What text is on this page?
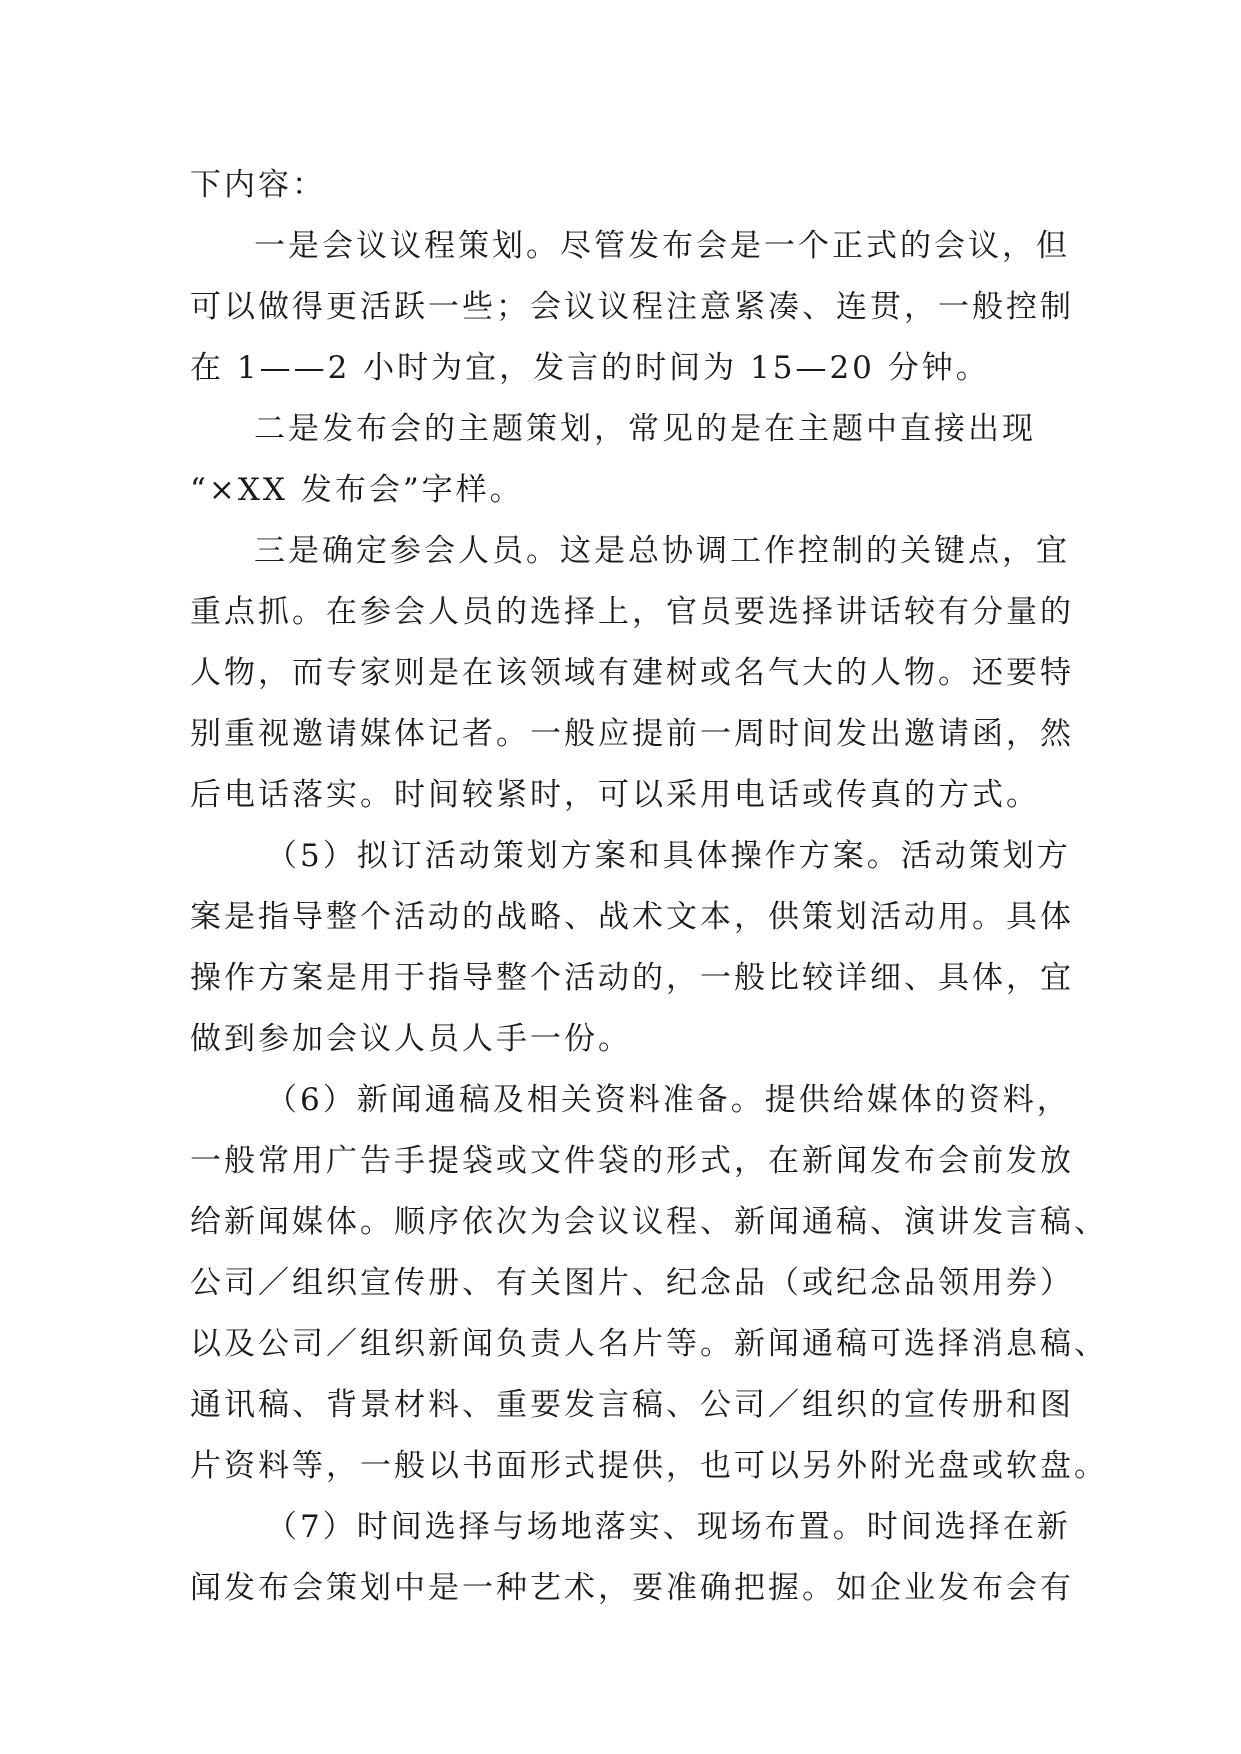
下内容：
一是会议议程策划。尽管发布会是一个正式的会议，但
可以做得更活跃一些；会议议程注意紧凑、连贯，一般控制
在 1——2 小时为宜，发言的时间为 15—20 分钟。
二是发布会的主题策划，常见的是在主题中直接出现
“×XX 发布会”字样。
三是确定参会人员。这是总协调工作控制的关键点，宜
重点抓。在参会人员的选择上，官员要选择讲话较有分量的
人物，而专家则是在该领域有建树或名气大的人物。还要特
别重视邀请媒体记者。一般应提前一周时间发出邀请函，然
后电话落实。时间较紧时，可以采用电话或传真的方式。
（5）拟订活动策划方案和具体操作方案。活动策划方
案是指导整个活动的战略、战术文本，供策划活动用。具体
操作方案是用于指导整个活动的，一般比较详细、具体，宜
做到参加会议人员人手一份。
（6）新闻通稿及相关资料准备。提供给媒体的资料，
一般常用广告手提袋或文件袋的形式，在新闻发布会前发放
给新闻媒体。顺序依次为会议议程、新闻通稿、演讲发言稿、
公司／组织宣传册、有关图片、纪念品（或纪念品领用券）
以及公司／组织新闻负责人名片等。新闻通稿可选择消息稿、
通讯稿、背景材料、重要发言稿、公司／组织的宣传册和图
片资料等，一般以书面形式提供，也可以另外附光盘或软盘。
（7）时间选择与场地落实、现场布置。时间选择在新
闻发布会策划中是一种艺术，要准确把握。如企业发布会有
